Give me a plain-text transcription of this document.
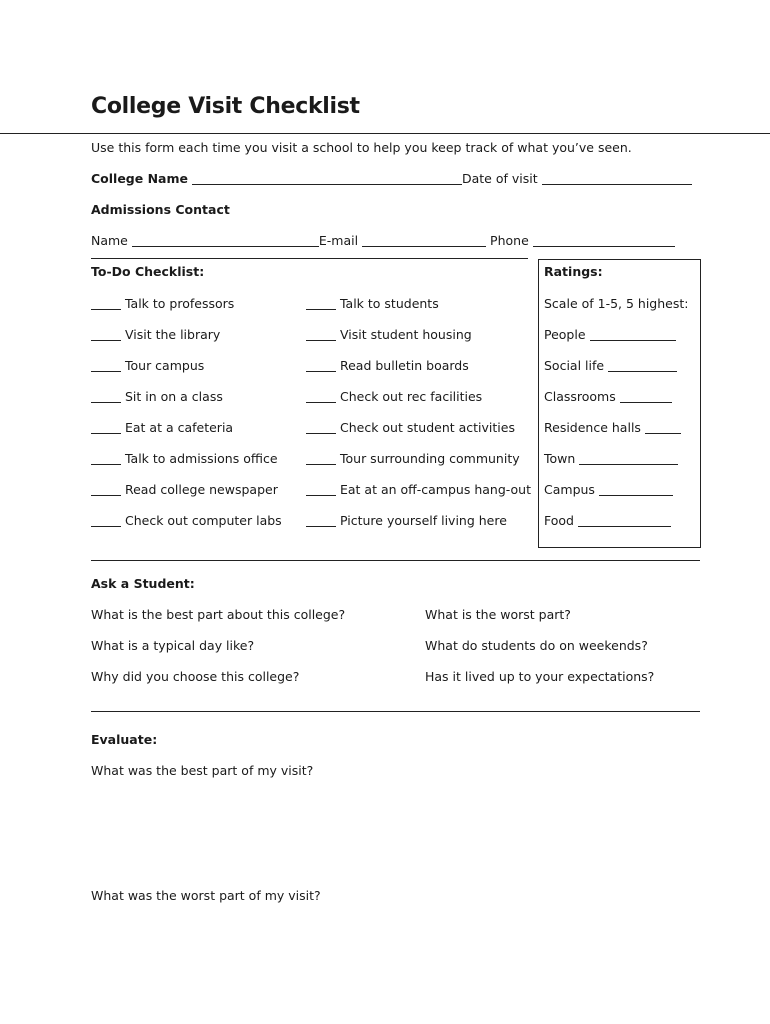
College Visit Checklist
Use this form each time you visit a school to help you keep track of what you’ve seen.
College Name	Date of visit
Admissions Contact
Name	E-mail	Phone
To-Do Checklist:
Talk to professors
Visit the library
Tour campus
Sit in on a class
Eat at a cafeteria
Talk to admissions office
Read college newspaper
Check out computer labs
Talk to students
Visit student housing
Read bulletin boards
Check out rec facilities
Check out student activities
Tour surrounding community
Eat at an off-campus hang-out
Picture yourself living here
Ratings:
Scale of 1-5, 5 highest:
People
Social life
Classrooms
Residence halls
Town
Campus
Food
Ask a Student:
What is the best part about this college?
What is a typical day like?
Why did you choose this college?
What is the worst part?
What do students do on weekends?
Has it lived up to your expectations?
Evaluate:
What was the best part of my visit?
What was the worst part of my visit?
